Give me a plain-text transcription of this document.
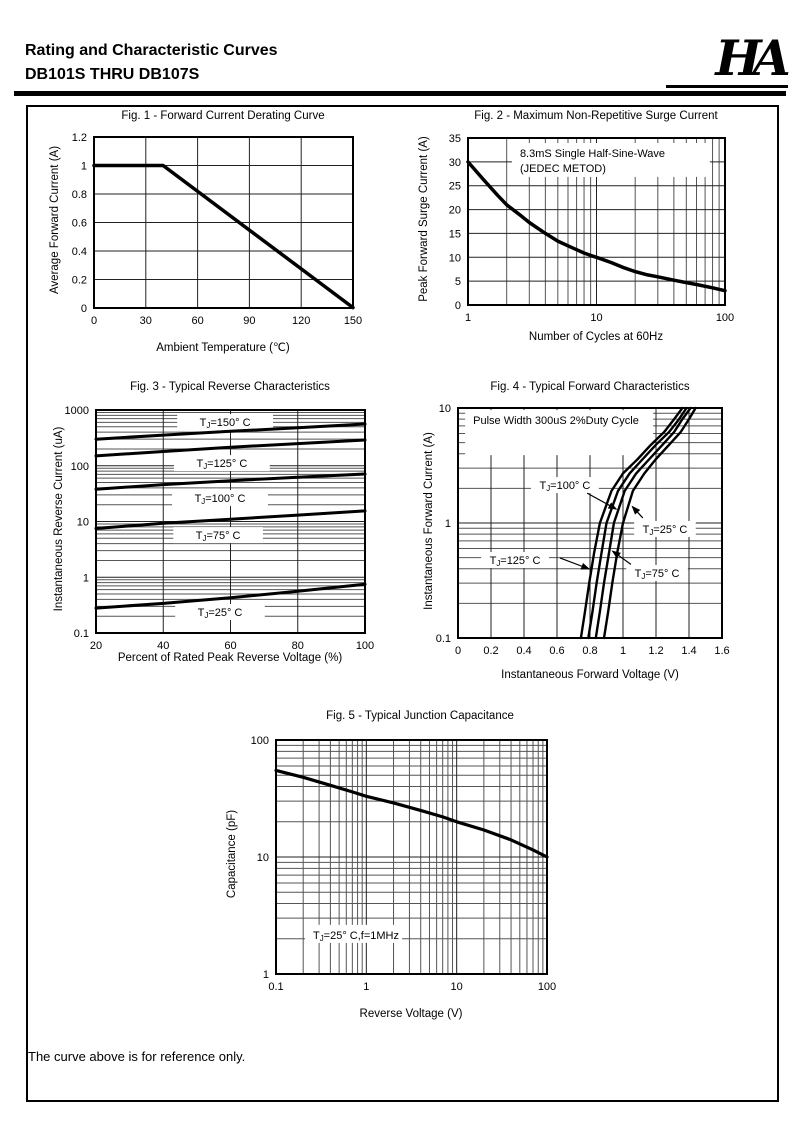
Rating and Characteristic Curves
DB101S THRU DB107S	HA
Fig. 1 - Forward Current Derating Curve
Average Forward Current (A)
0	30	60	90	120	150
0
0.2
0.4
0.6
0.8
1
1.2
Ambient Temperature (℃)
Fig. 2 - Maximum Non-Repetitive Surge Current
Peak Forward Surge Current (A)	8.3mS Single Half-Sine-Wave
(JEDEC METOD)
1	10	100
0
5
10
15
20
25
30
35
Number of Cycles at 60Hz
Fig. 3 - Typical Reverse Characteristics
Instantaneous Reverse Current (uA)
TJ=150° C
TJ=125° C
TJ=100° C
TJ=75° C
TJ=25° C
20	40	60	80	100
1000
100
10
1
0.1
Percent of Rated Peak Reverse Voltage (%)
Fig. 4 - Typical Forward Characteristics
Instantaneous Forward Current (A)
Pulse Width 300uS 2%Duty Cycle
TJ=100° C
TJ=25° C
TJ=125° C
TJ=75° C
0 0.2 0.4 0.6 0.8 1 1.2 1.4 1.6
10
1
0.1
Instantaneous Forward Voltage (V)
Fig. 5 - Typical Junction Capacitance
Capacitance (pF)
TJ=25° C,f=1MHz
0.1	1	10	100
100
10
1
Reverse Voltage (V)
The curve above is for reference only.
